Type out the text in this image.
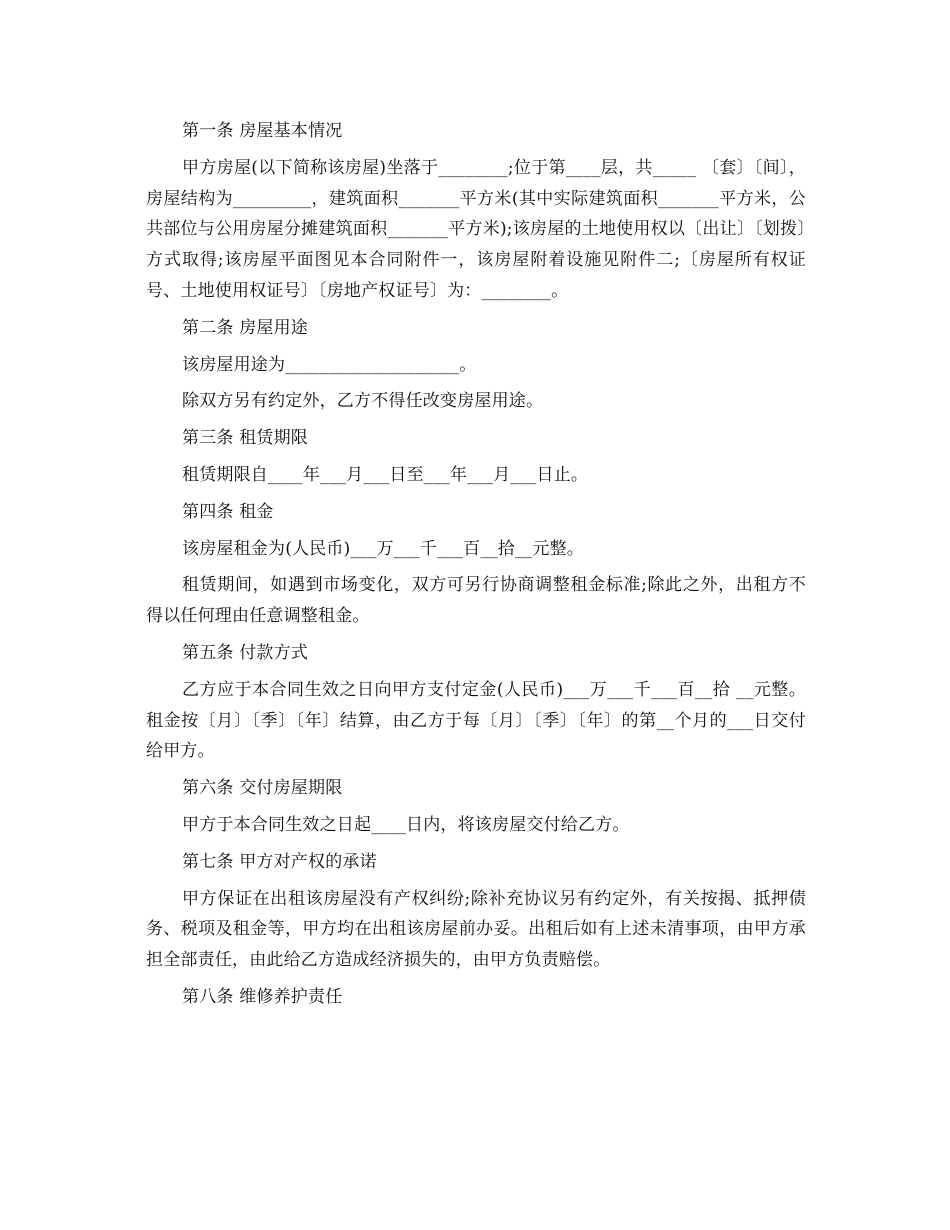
第一条 房屋基本情况

甲方房屋(以下简称该房屋)坐落于________;位于第____层，共_____ 〔套〕〔间〕，房屋结构为_________，建筑面积_______平方米(其中实际建筑面积_______平方米，公共部位与公用房屋分摊建筑面积_______平方米);该房屋的土地使用权以〔出让〕〔划拨〕方式取得;该房屋平面图见本合同附件一，该房屋附着设施见附件二;〔房屋所有权证号、土地使用权证号〕〔房地产权证号〕为：________。

第二条 房屋用途

该房屋用途为____________________。

除双方另有约定外，乙方不得任改变房屋用途。

第三条 租赁期限

租赁期限自____年___月___日至___年___月___日止。

第四条 租金

该房屋租金为(人民币)___万___千___百__拾__元整。

租赁期间，如遇到市场变化，双方可另行协商调整租金标准;除此之外，出租方不得以任何理由任意调整租金。

第五条 付款方式

乙方应于本合同生效之日向甲方支付定金(人民币)___万___千___百__拾 __元整。租金按〔月〕〔季〕〔年〕结算，由乙方于每〔月〕〔季〕〔年〕的第__个月的___日交付给甲方。

第六条 交付房屋期限

甲方于本合同生效之日起____日内，将该房屋交付给乙方。

第七条 甲方对产权的承诺

甲方保证在出租该房屋没有产权纠纷;除补充协议另有约定外，有关按揭、抵押债务、税项及租金等，甲方均在出租该房屋前办妥。出租后如有上述未清事项，由甲方承担全部责任，由此给乙方造成经济损失的，由甲方负责赔偿。

第八条 维修养护责任
